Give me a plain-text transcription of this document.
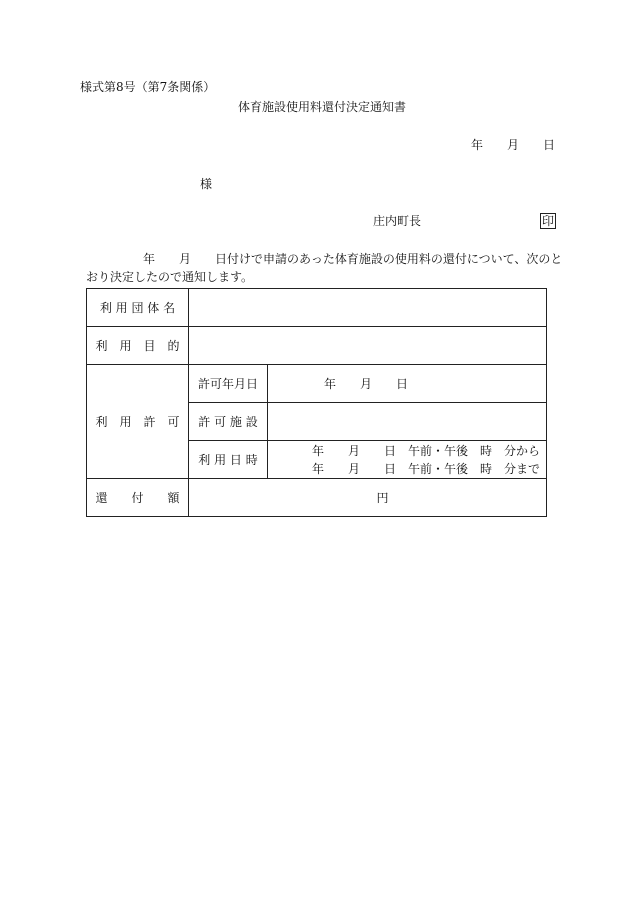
様式第8号（第7条関係）
体育施設使用料還付決定通知書
年 月 日
様
庄内町長	印
年 月 日付けで申請のあった体育施設の使用料の還付について、次のと
おり決定したので通知します。
利 用 団 体 名		

利　用　目　的		

利　用　許　可	許可年月日	年 月 日

	許 可 施 設	

	利 用 日 時	年　　月　　日　午前・午後　時　分から
年　　月　　日　午前・午後　時　分まで

還　　付　　額	円	
